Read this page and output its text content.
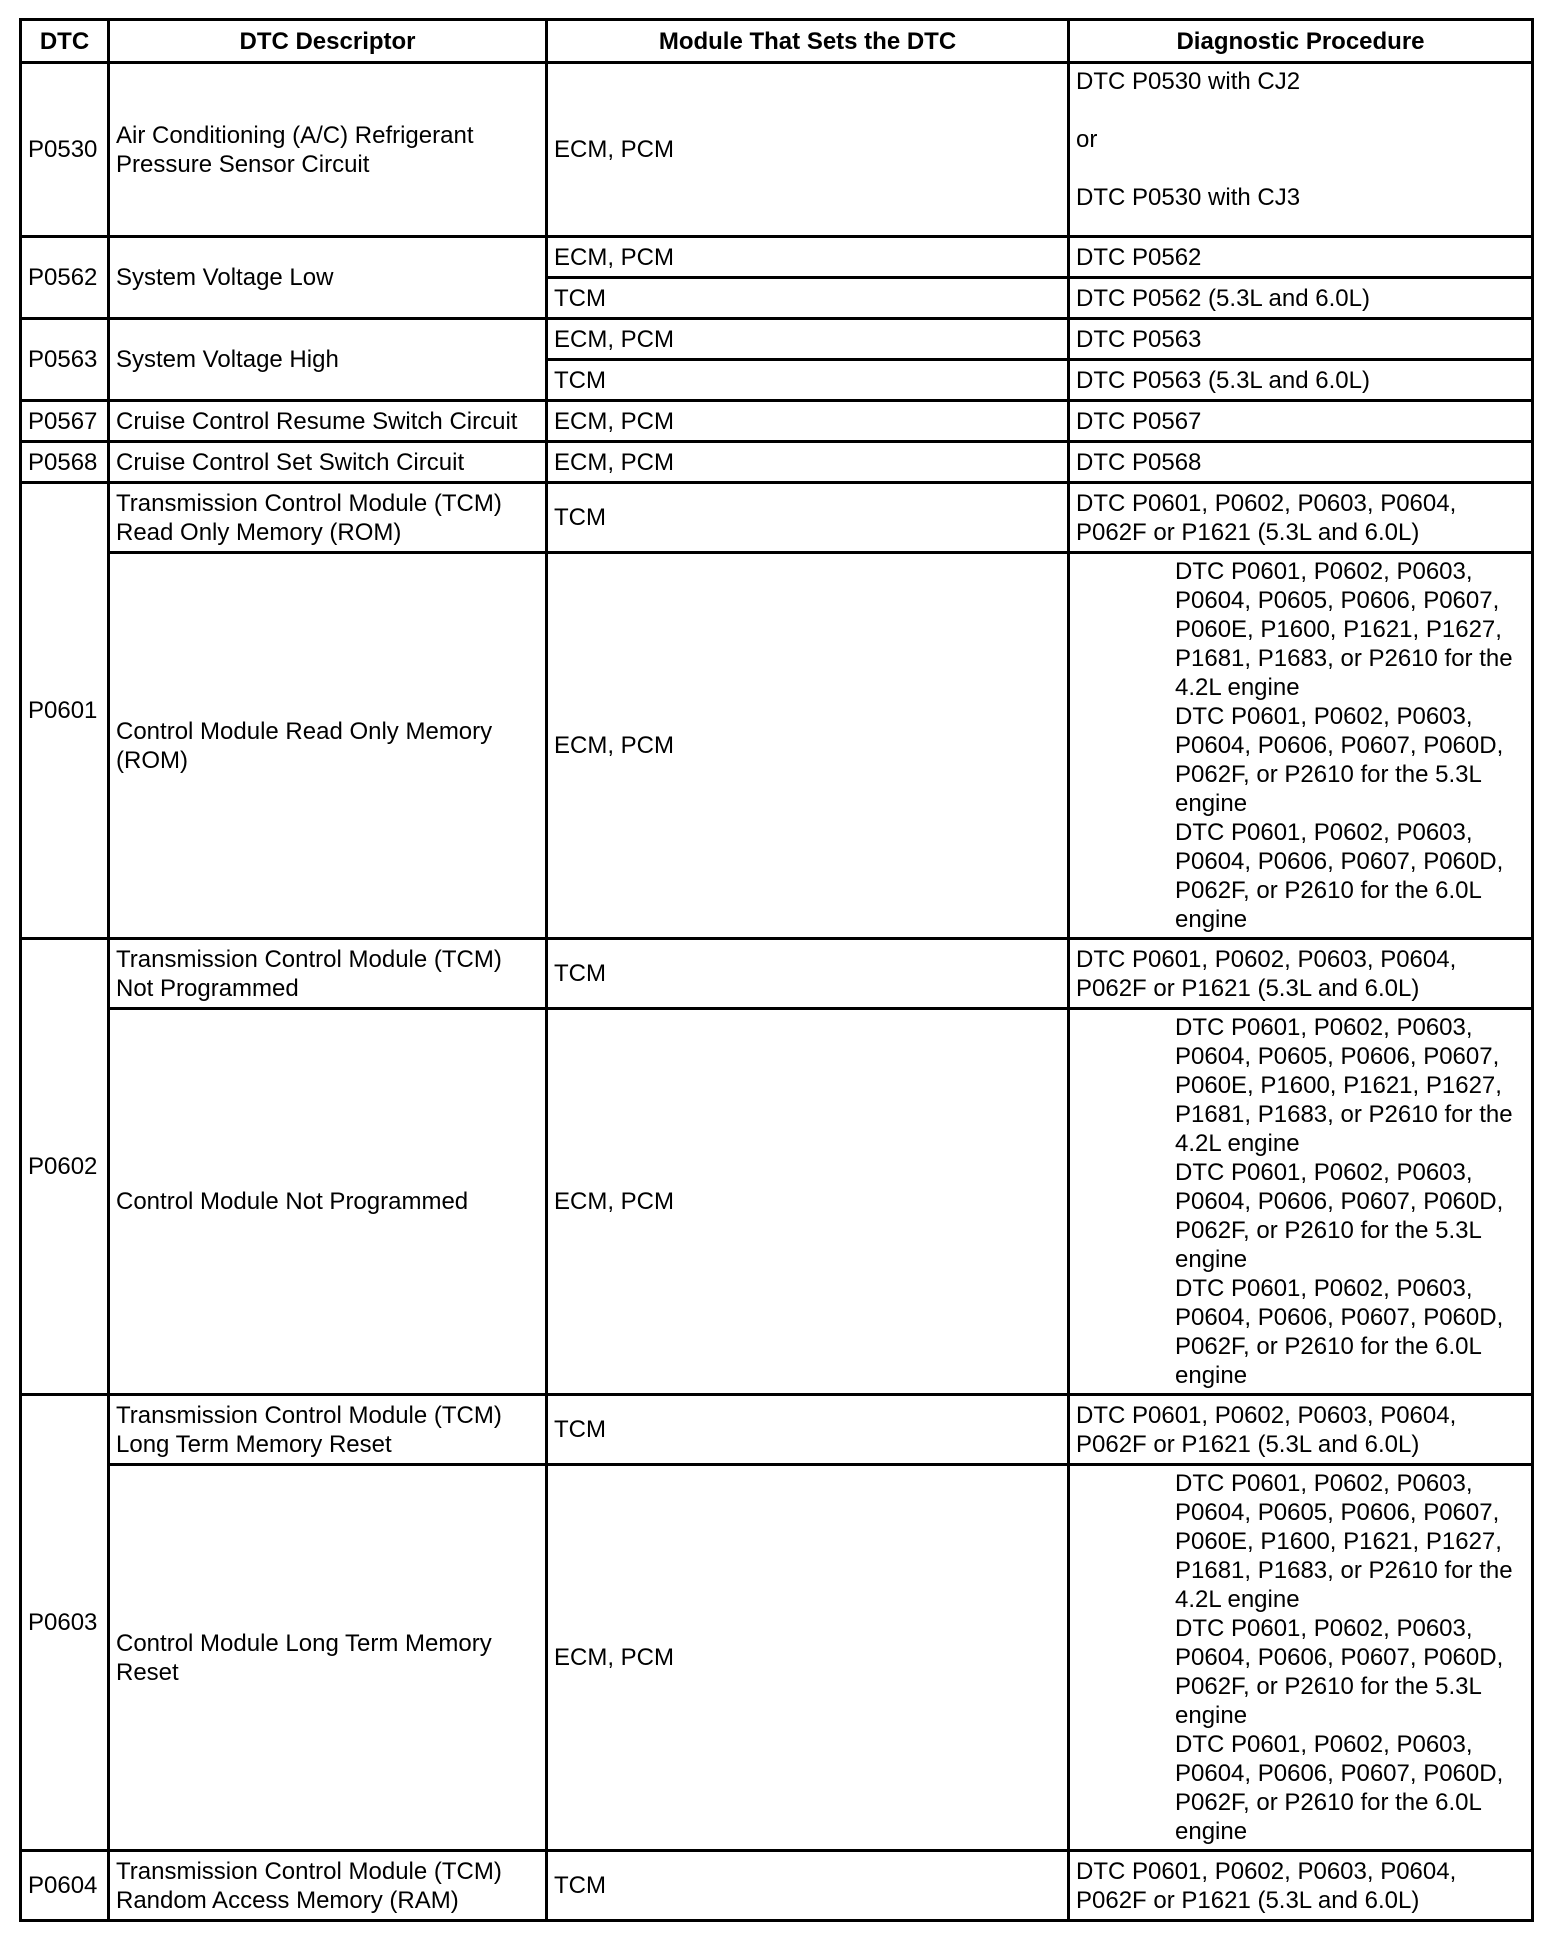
DTC	DTC Descriptor	Module That Sets the DTC	Diagnostic Procedure
P0530	Air Conditioning (A/C) Refrigerant Pressure Sensor Circuit	ECM, PCM	DTC P0530 with CJ2
or
DTC P0530 with CJ3

P0562	System Voltage Low	ECM, PCM	DTC P0562
		TCM	DTC P0562 (5.3L and 6.0L)
P0563	System Voltage High	ECM, PCM	DTC P0563
		TCM	DTC P0563 (5.3L and 6.0L)
P0567	Cruise Control Resume Switch Circuit	ECM, PCM	DTC P0567
P0568	Cruise Control Set Switch Circuit	ECM, PCM	DTC P0568
P0601	Transmission Control Module (TCM) Read Only Memory (ROM)	TCM	DTC P0601, P0602, P0603, P0604, P062F or P1621 (5.3L and 6.0L)
	Control Module Read Only Memory (ROM)	ECM, PCM	DTC P0601, P0602, P0603, P0604, P0605, P0606, P0607, P060E, P1600, P1621, P1627, P1681, P1683, or P2610 for the 4.2L engine
DTC P0601, P0602, P0603, P0604, P0606, P0607, P060D, P062F, or P2610 for the 5.3L engine
DTC P0601, P0602, P0603, P0604, P0606, P0607, P060D, P062F, or P2610 for the 6.0L engine

P0602	Transmission Control Module (TCM) Not Programmed	TCM	DTC P0601, P0602, P0603, P0604, P062F or P1621 (5.3L and 6.0L)
	Control Module Not Programmed	ECM, PCM	DTC P0601, P0602, P0603, P0604, P0605, P0606, P0607, P060E, P1600, P1621, P1627, P1681, P1683, or P2610 for the 4.2L engine
DTC P0601, P0602, P0603, P0604, P0606, P0607, P060D, P062F, or P2610 for the 5.3L engine
DTC P0601, P0602, P0603, P0604, P0606, P0607, P060D, P062F, or P2610 for the 6.0L engine

P0603	Transmission Control Module (TCM) Long Term Memory Reset	TCM	DTC P0601, P0602, P0603, P0604, P062F or P1621 (5.3L and 6.0L)
	Control Module Long Term Memory Reset	ECM, PCM	DTC P0601, P0602, P0603, P0604, P0605, P0606, P0607, P060E, P1600, P1621, P1627, P1681, P1683, or P2610 for the 4.2L engine
DTC P0601, P0602, P0603, P0604, P0606, P0607, P060D, P062F, or P2610 for the 5.3L engine
DTC P0601, P0602, P0603, P0604, P0606, P0607, P060D, P062F, or P2610 for the 6.0L engine

P0604	Transmission Control Module (TCM) Random Access Memory (RAM)	TCM	DTC P0601, P0602, P0603, P0604, P062F or P1621 (5.3L and 6.0L)
